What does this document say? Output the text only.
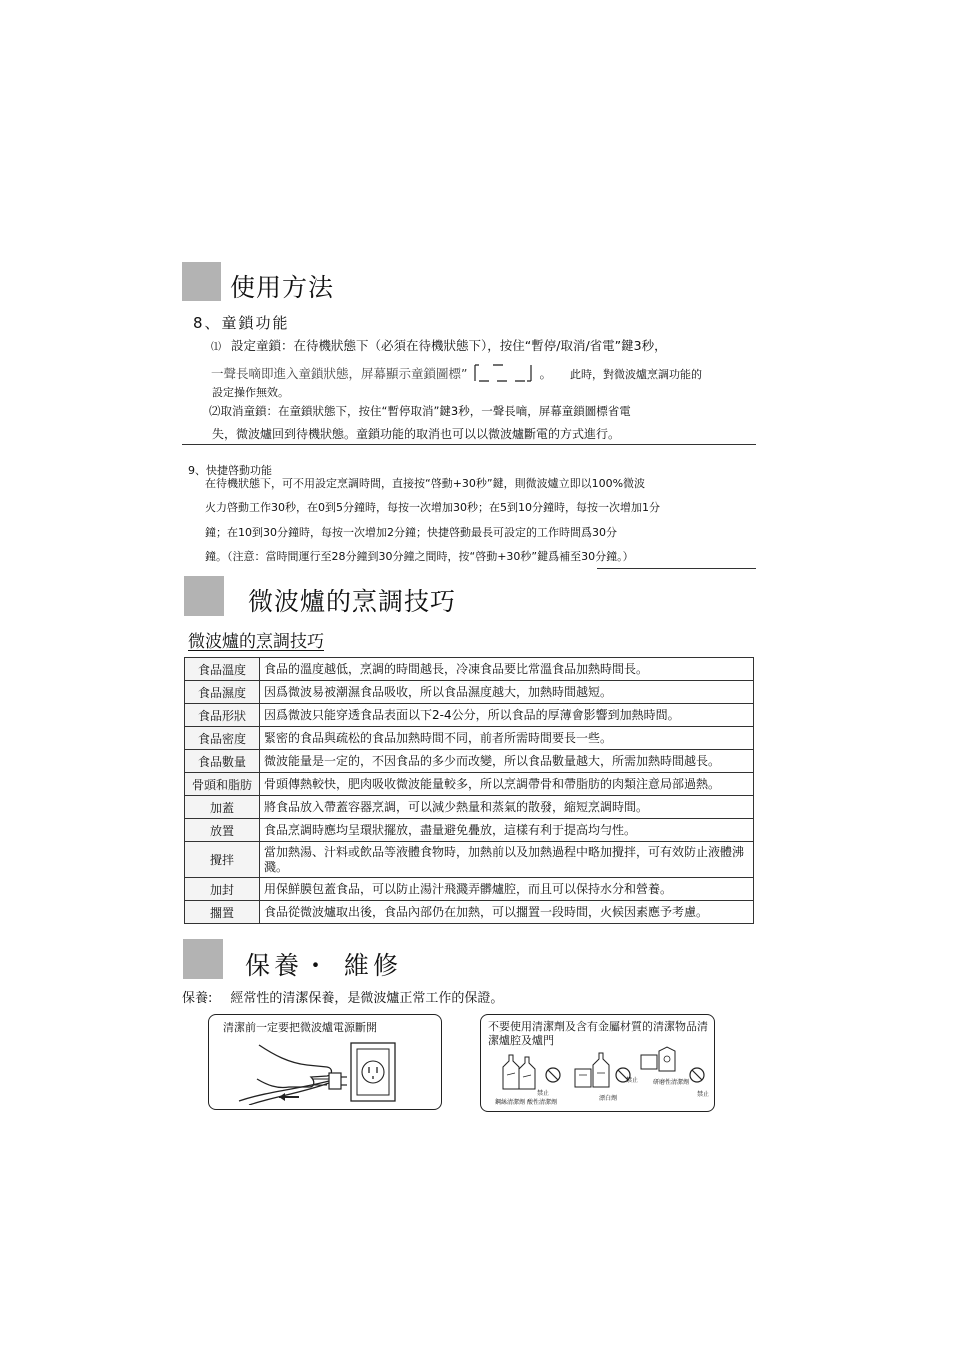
使用方法
8、童鎖功能
⑴ 設定童鎖：在待機狀態下（必須在待機狀態下），按住“暫停/取消/省電”鍵3秒，
一聲長嘀即進入童鎖狀態，屏幕顯示童鎖圖標”	。 此時，對微波爐烹調功能的
設定操作無效。
⑵取消童鎖：在童鎖狀態下，按住“暫停取消”鍵3秒，一聲長嘀，屏幕童鎖圖標省電
失，微波爐回到待機狀態。童鎖功能的取消也可以以微波爐斷電的方式進行。
9、快捷啓動功能
在待機狀態下，可不用設定烹調時間，直接按“啓動+30秒”鍵，則微波爐立即以100%微波
火力啓動工作30秒，在0到5分鐘時，每按一次增加30秒；在5到10分鐘時，每按一次增加1分
鐘；在10到30分鐘時，每按一次增加2分鐘；快捷啓動最長可設定的工作時間爲30分
鐘。（注意：當時間運行至28分鐘到30分鐘之間時，按“啓動+30秒”鍵爲補至30分鐘。）
微波爐的烹調技巧
微波爐的烹調技巧
食品溫度	食品的溫度越低，烹調的時間越長，冷凍食品要比常溫食品加熱時間長。
食品濕度	因爲微波易被潮濕食品吸收，所以食品濕度越大，加熱時間越短。
食品形狀	因爲微波只能穿透食品表面以下2-4公分，所以食品的厚薄會影響到加熱時間。
食品密度	緊密的食品與疏松的食品加熱時間不同，前者所需時間要長一些。
食品數量	微波能量是一定的，不因食品的多少而改變，所以食品數量越大，所需加熱時間越長。
骨頭和脂肪	骨頭傳熱較快，肥肉吸收微波能量較多，所以烹調帶骨和帶脂肪的肉類注意局部過熱。
加蓋	將食品放入帶蓋容器烹調，可以減少熱量和蒸氣的散發，縮短烹調時間。
放置	食品烹調時應均呈環狀擺放，盡量避免疊放，這樣有利于提高均勻性。
攪拌	當加熱湯、汁料或飲品等液體食物時，加熱前以及加熱過程中略加攪拌，可有效防止液體沸濺。
加封	用保鮮膜包蓋食品，可以防止湯汁飛濺弄髒爐腔，而且可以保持水分和營養。
擱置	食品從微波爐取出後，食品內部仍在加熱，可以擱置一段時間，火候因素應予考慮。
保養・ 維修
保養: 經常性的清潔保養，是微波爐正常工作的保證。
清潔前一定要把微波爐電源斷開	不要使用清潔劑及含有金屬材質的清潔物品清潔爐腔及爐門
鋼絲清潔劑 酸性清潔劑
禁止
漂白劑
禁止 研磨性清潔劑
禁止
